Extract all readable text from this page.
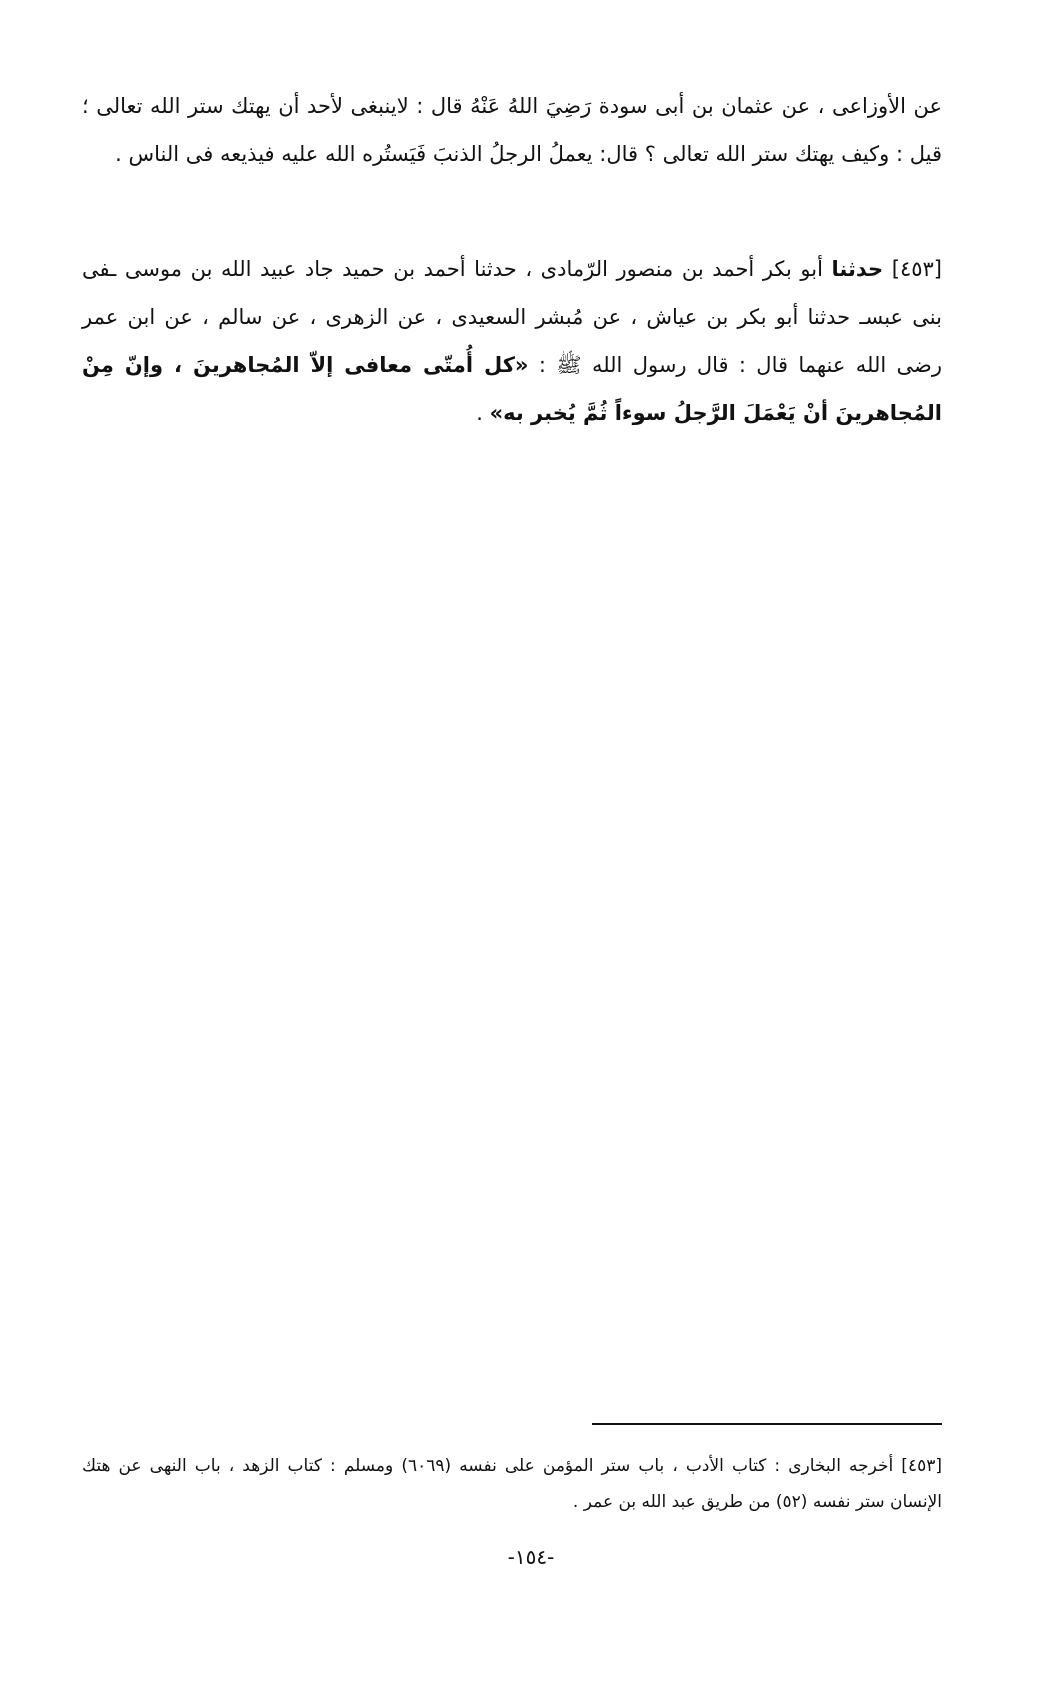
عن الأوزاعى ، عن عثمان بن أبى سودة رَضِيَ اللهُ عَنْهُ قال : لاينبغى لأحد أن يهتك ستر الله تعالى ؛ قيل : وكيف يهتك ستر الله تعالى ؟ قال: يعملُ الرجلُ الذنبَ فَيَستُره الله عليه فيذيعه فى الناس .

[٤٥٣] حدثنا أبو بكر أحمد بن منصور الرّمادى ، حدثنا أحمد بن حميد جاد عبيد الله بن موسى ـفى بنى عبسـ حدثنا أبو بكر بن عياش ، عن مُبشر السعيدى ، عن الزهرى ، عن سالم ، عن ابن عمر رضى الله عنهما قال : قال رسول الله ﷺ : «كل أُمتّى معافى إلاّ المُجاهرينَ ، وإنّ مِنْ المُجاهرينَ أنْ يَعْمَلَ الرَّجلُ سوءاً ثُمَّ يُخبر به» .

[٤٥٣] أخرجه البخارى : كتاب الأدب ، باب ستر المؤمن على نفسه (٦٠٦٩) ومسلم : كتاب الزهد ، باب النهى عن هتك الإنسان ستر نفسه (٥٢) من طريق عبد الله بن عمر .

-١٥٤-
